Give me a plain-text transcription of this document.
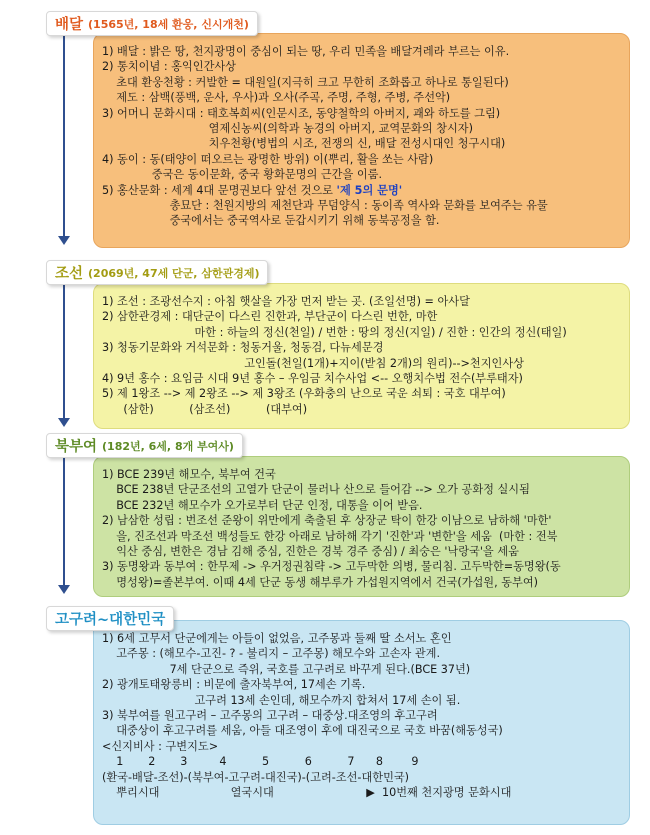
배달 (1565년, 18세 환웅, 신시개천)
1) 배달 : 밝은 땅, 천지광명이 중심이 되는 땅, 우리 민족을 배달겨레라 부르는 이유.
2) 통치이념 : 홍익인간사상
초대 환웅천황 : 커발한 = 대원일(지극히 크고 무한히 조화롭고 하나로 통일된다)
제도 : 삼백(풍백, 운사, 우사)과 오사(주곡, 주명, 주형, 주병, 주선악)
3) 어머니 문화시대 : 태호복희씨(인문시조, 동양철학의 아버지, 괘와 하도를 그림)
염제신농씨(의학과 농경의 아버지, 교역문화의 창시자)
치우천황(병법의 시조, 전쟁의 신, 배달 전성시대인 청구시대)
4) 동이 : 동(태양이 떠오르는 광명한 방위) 이(뿌리, 활을 쏘는 사람)
중국은 동이문화, 중국 황화문명의 근간을 이룸.
5) 홍산문화 : 세계 4대 문명권보다 앞선 것으로 '제 5의 문명'
총묘단 : 천원지방의 제천단과 무덤양식 : 동이족 역사와 문화를 보여주는 유물
중국에서는 중국역사로 둔갑시키기 위해 동북공정을 함.
조선 (2069년, 47세 단군, 삼한관경제)
1) 조선 : 조광선수지 : 아침 햇살을 가장 먼저 받는 곳. (조일선명) = 아사달
2) 삼한관경제 : 대단군이 다스린 진한과, 부단군이 다스린 번한, 마한
마한 : 하늘의 정신(천일) / 번한 : 땅의 정신(지일) / 진한 : 인간의 정신(태일)
3) 청동기문화와 거석문화 : 청동거울, 청동검, 다뉴세문경
고인돌(천일(1개)+지이(받침 2개)의 원리)-->천지인사상
4) 9년 홍수 : 요임금 시대 9년 홍수 – 우임금 치수사업 <-- 오행치수법 전수(부루태자)
5) 제 1왕조 --> 제 2왕조 --> 제 3왕조 (우화충의 난으로 국운 쇠퇴 : 국호 대부여)
(삼한)          (삼조선)          (대부여)
북부여 (182년, 6세, 8개 부여사)
1) BCE 239년 해모수, 북부여 건국
BCE 238년 단군조선의 고열가 단군이 물러나 산으로 들어감 --> 오가 공화정 실시됨
BCE 232년 해모수가 오가로부터 단군 인정, 대통을 이어 받음.
2) 남삼한 성립 : 번조선 준왕이 위만에게 축출된 후 상장군 탁이 한강 이남으로 남하해 '마한'
을, 진조선과 막조선 백성들도 한강 아래로 남하해 각기 '진한'과 '변한'을 세움  (마한 : 전북
익산 중심, 변한은 경남 김해 중심, 진한은 경북 경주 중심) / 최숭은 '낙랑국'을 세움
3) 동명왕과 동부여 : 한무제 -> 우거정권침략 -> 고두막한 의병, 물리침. 고두막한=동명왕(동
명성왕)=졸본부여. 이때 4세 단군 동생 해부루가 가섭원지역에서 건국(가섭원, 동부여)
고구려~대한민국
1) 6세 고무서 단군에게는 아들이 없었음, 고주몽과 둘째 딸 소서노 혼인
고주몽 : (해모수-고진- ? - 불리지 – 고주몽) 해모수와 고손자 관계.
7세 단군으로 즉위, 국호를 고구려로 바꾸게 된다.(BCE 37년)
2) 광개토태왕릉비 : 비문에 출자북부여, 17세손 기록.
고구려 13세 손인데, 해모수까지 합쳐서 17세 손이 됨.
3) 북부여를 원고구려 – 고주몽의 고구려 – 대중상.대조영의 후고구려
대중상이 후고구려를 세움, 아들 대조영이 후에 대진국으로 국호 바꿈(해동성국)
<신지비사 : 구변지도>
1       2       3         4          5          6          7      8        9
(환국-배달-조선)-(북부여-고구려-대진국)-(고려-조선-대한민국)
뿌리시대                    열국시대                          ▶  10번째 천지광명 문화시대
